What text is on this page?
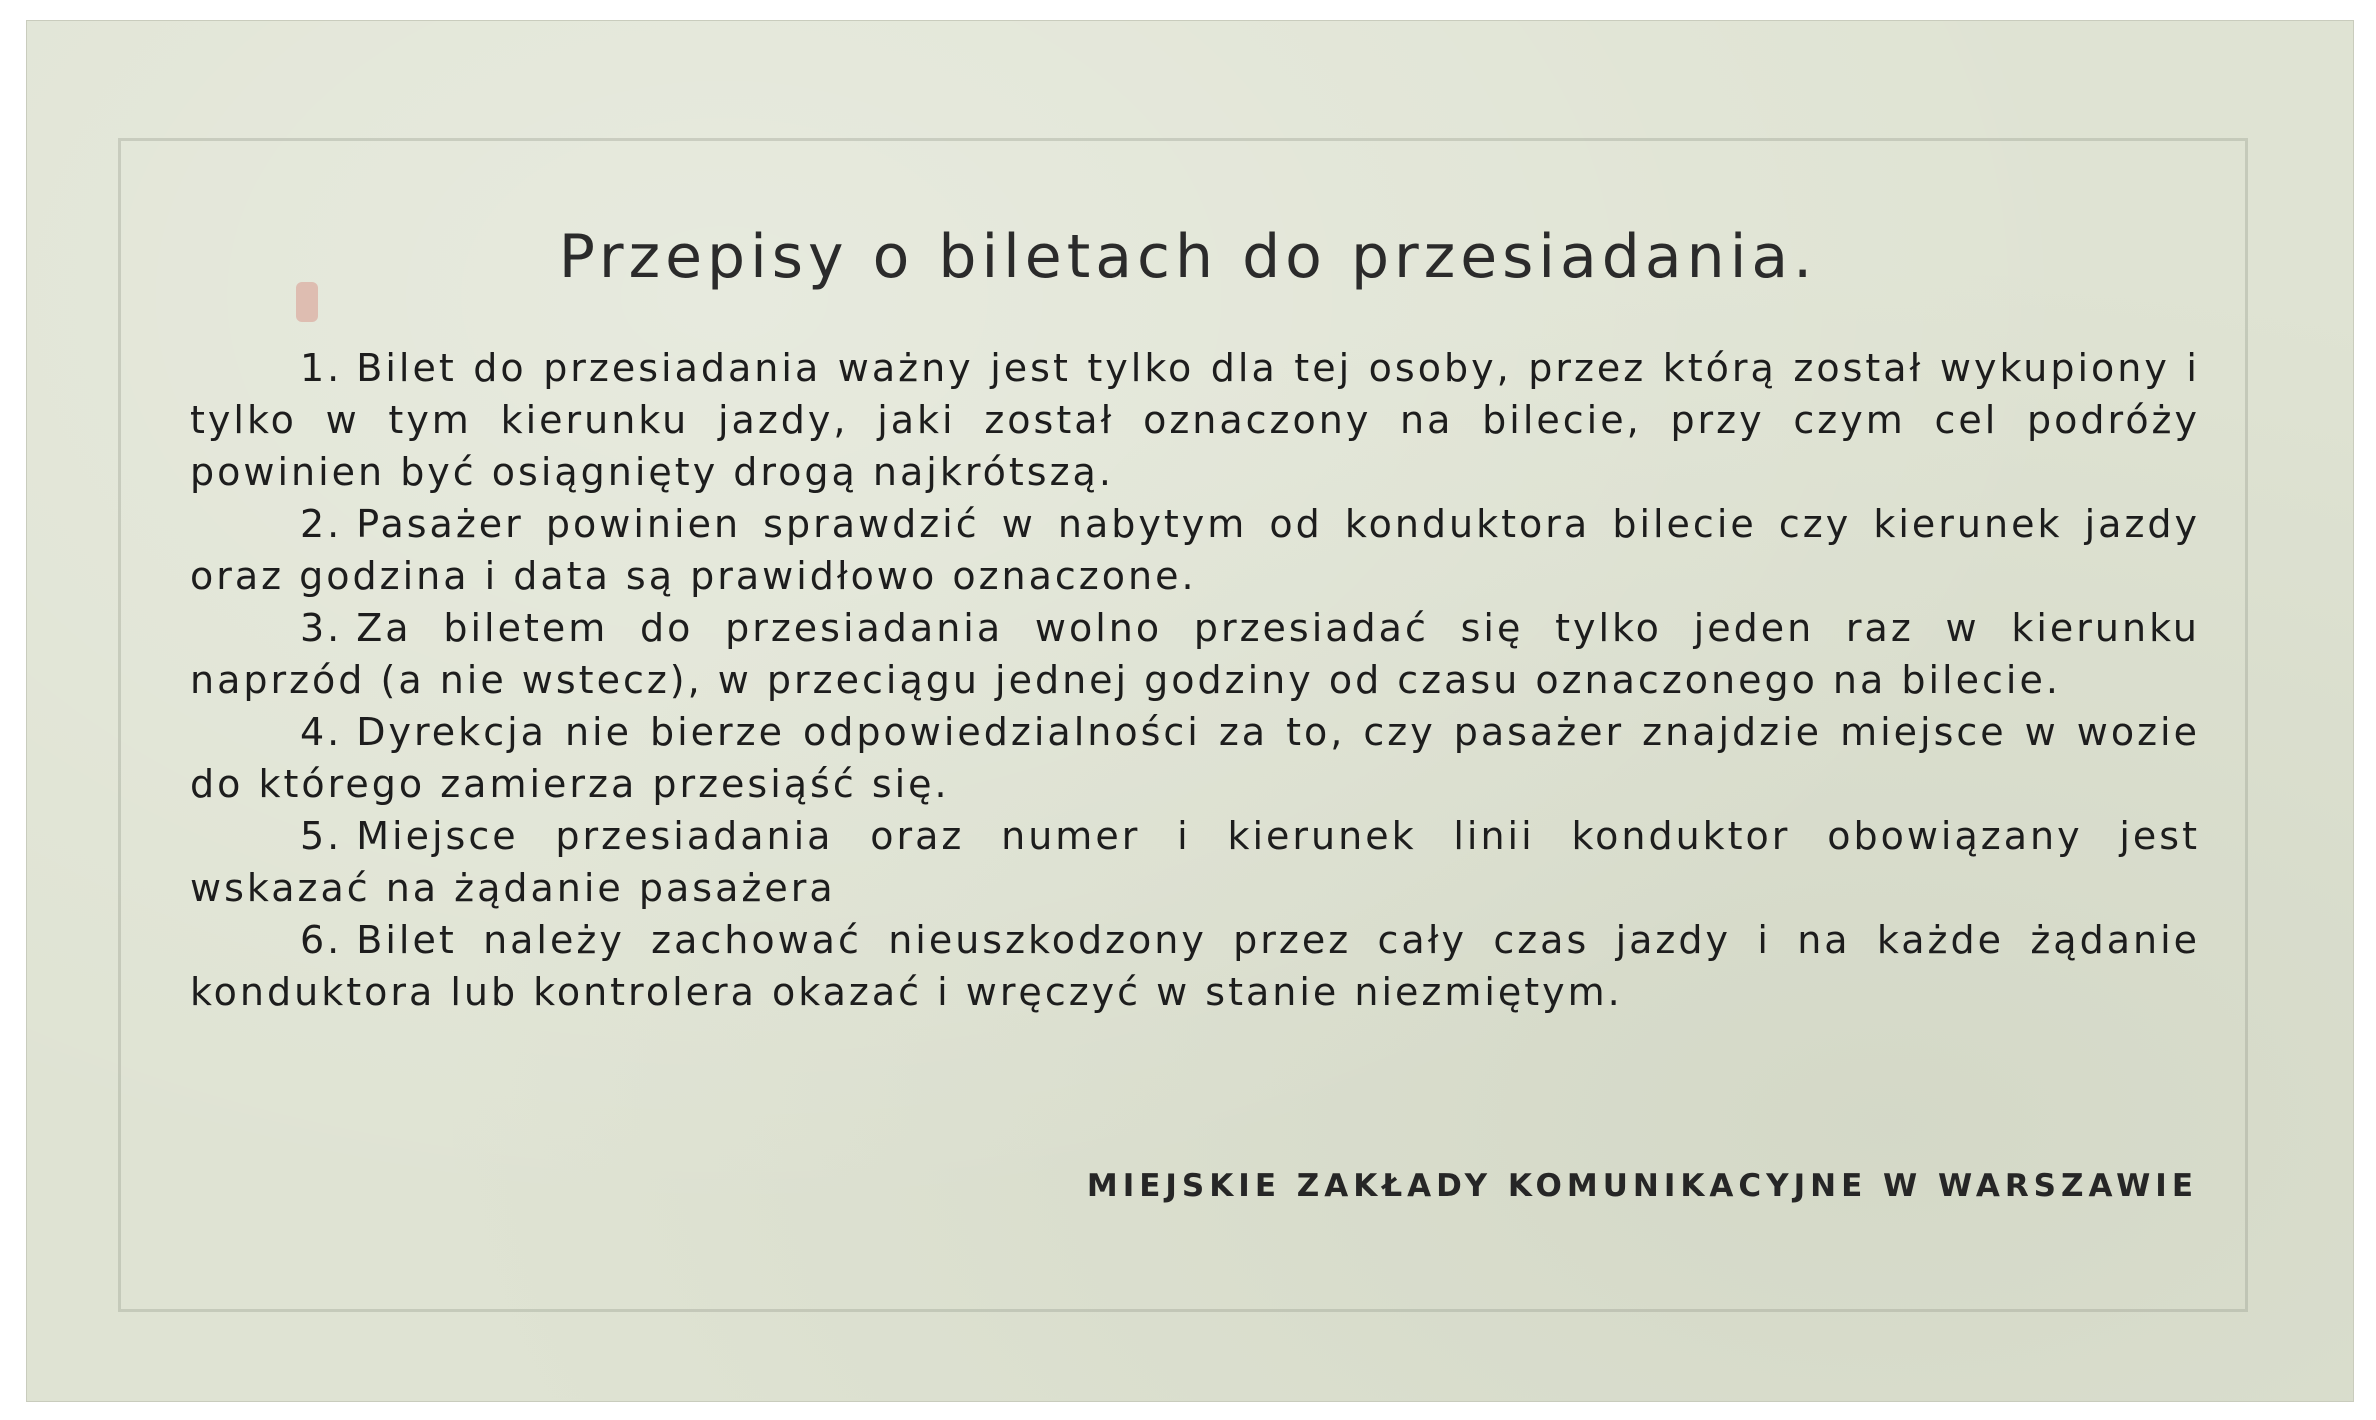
Przepisy o biletach do przesiadania.
1. Bilet do przesiadania ważny jest tylko dla tej osoby, przez którą został wykupiony i tylko w tym kierunku jazdy, jaki został oznaczony na bilecie, przy czym cel podróży powinien być osiągnięty drogą najkrótszą.
2. Pasażer powinien sprawdzić w nabytym od konduktora bilecie czy kierunek jazdy oraz godzina i data są prawidłowo oznaczone.
3. Za biletem do przesiadania wolno przesiadać się tylko jeden raz w kierunku naprzód (a nie wstecz), w przeciągu jednej godziny od czasu oznaczonego na bilecie.
4. Dyrekcja nie bierze odpowiedzialności za to, czy pasażer znajdzie miejsce w wozie do którego zamierza przesiąść się.
5. Miejsce przesiadania oraz numer i kierunek linii konduktor obowiązany jest wskazać na żądanie pasażera
6. Bilet należy zachować nieuszkodzony przez cały czas jazdy i na każde żądanie konduktora lub kontrolera okazać i wręczyć w stanie niezmiętym.

MIEJSKIE ZAKŁADY KOMUNIKACYJNE W WARSZAWIE
